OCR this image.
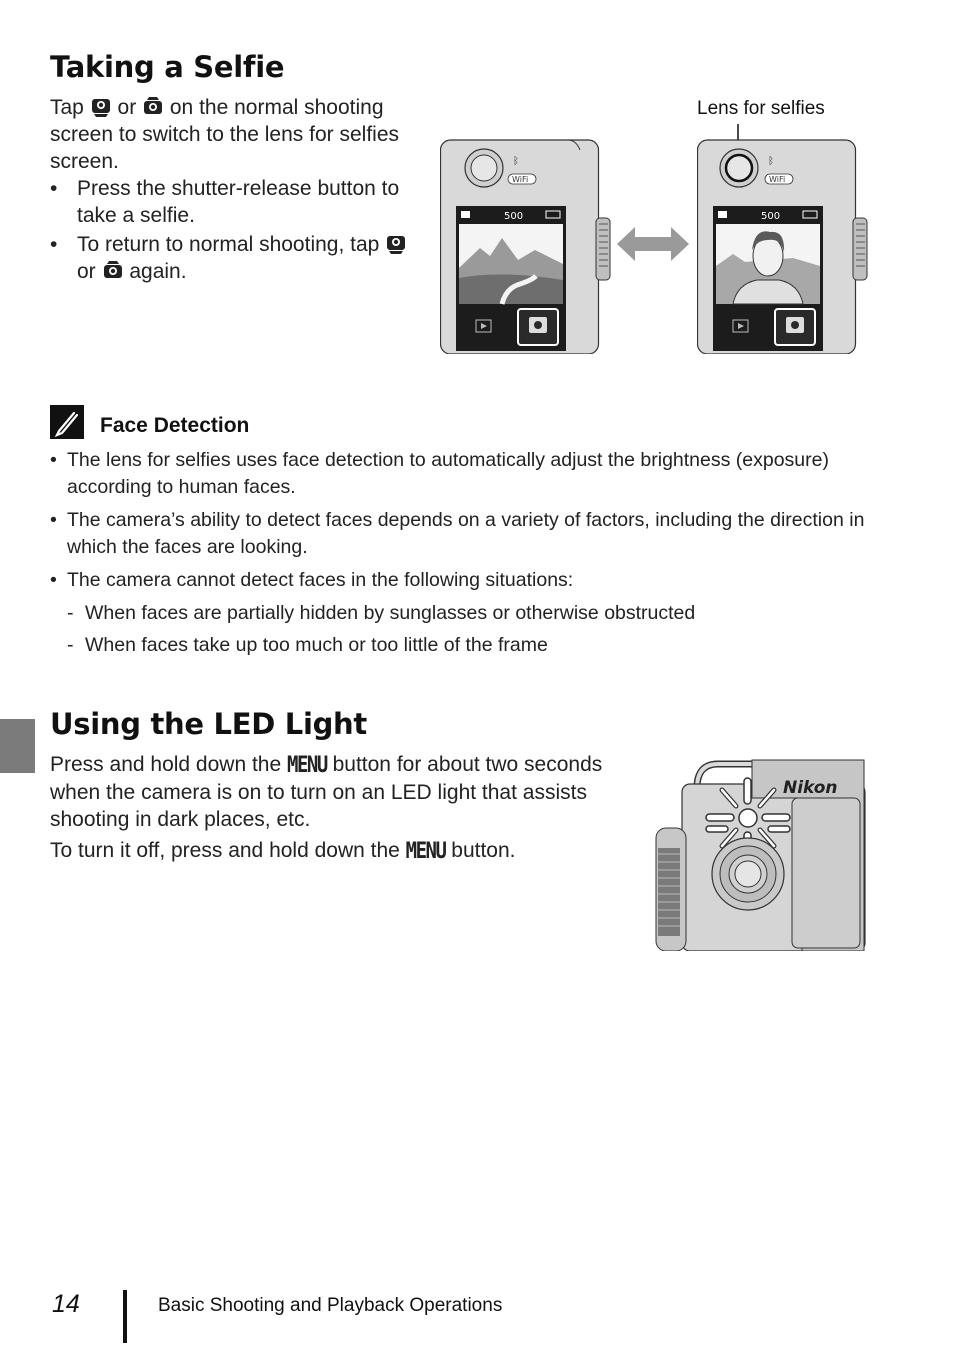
Taking a Selfie

Tap  or  on the normal shooting screen to switch to the lens for selfies screen.

• Press the shutter-release button to take a selfie.
• To return to normal shooting, tap  or  again.
Lens for selfies
ᛒ
WiFi
500
ᛒ
WiFi
500
Face Detection
• The lens for selfies uses face detection to automatically adjust the brightness (exposure) according to human faces.
• The camera’s ability to detect faces depends on a variety of factors, including the direction in which the faces are looking.
• The camera cannot detect faces in the following situations:
- When faces are partially hidden by sunglasses or otherwise obstructed
- When faces take up too much or too little of the frame
Using the LED Light

Press and hold down the MENU button for about two seconds when the camera is on to turn on an LED light that assists shooting in dark places, etc.

To turn it off, press and hold down the MENU button.

Nikon
14	Basic Shooting and Playback Operations
